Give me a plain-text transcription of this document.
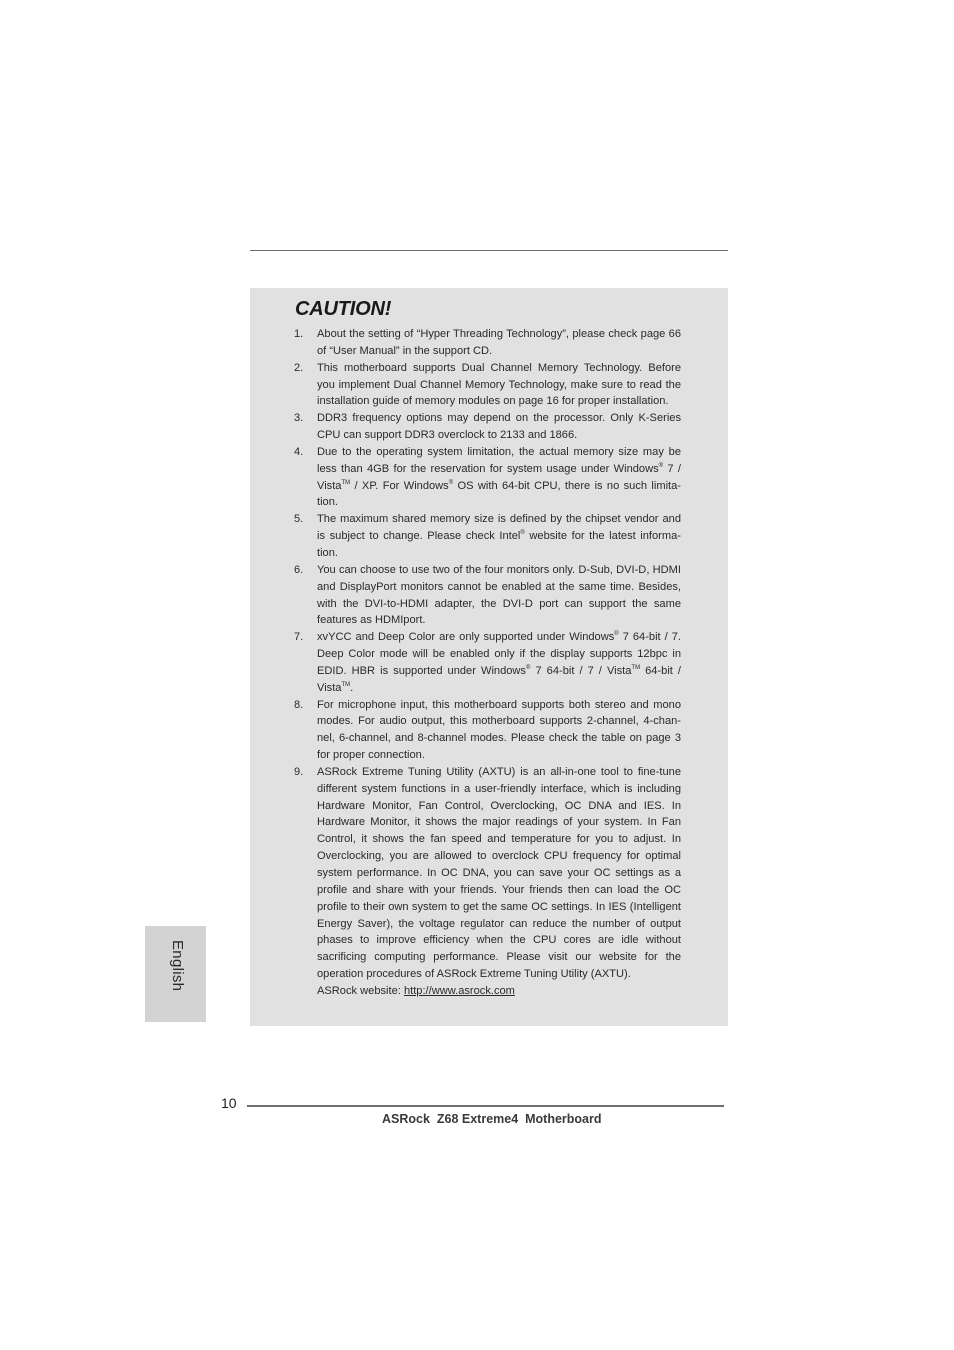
CAUTION!
1. About the setting of “Hyper Threading Technology”, please check page 66 of “User Manual” in the support CD.
2. This motherboard supports Dual Channel Memory Technology. Before you implement Dual Channel Memory Technology, make sure to read the installation guide of memory modules on page 16 for proper installation.
3. DDR3 frequency options may depend on the processor. Only K-Series CPU can support DDR3 overclock to 2133 and 1866.
4. Due to the operating system limitation, the actual memory size may be less than 4GB for the reservation for system usage under Windows® 7 / Vista™ / XP. For Windows® OS with 64-bit CPU, there is no such limita-tion.
5. The maximum shared memory size is defined by the chipset vendor and is subject to change. Please check Intel® website for the latest informa-tion.
6. You can choose to use two of the four monitors only. D-Sub, DVI-D, HDMI and DisplayPort monitors cannot be enabled at the same time. Besides, with the DVI-to-HDMI adapter, the DVI-D port can support the same features as HDMIport.
7. xvYCC and Deep Color are only supported under Windows® 7 64-bit / 7. Deep Color mode will be enabled only if the display supports 12bpc in EDID. HBR is supported under Windows® 7 64-bit / 7 / Vista™ 64-bit / Vista™.
8. For microphone input, this motherboard supports both stereo and mono modes. For audio output, this motherboard supports 2-channel, 4-chan-nel, 6-channel, and 8-channel modes. Please check the table on page 3 for proper connection.
9. ASRock Extreme Tuning Utility (AXTU) is an all-in-one tool to fine-tune different system functions in a user-friendly interface, which is including Hardware Monitor, Fan Control, Overclocking, OC DNA and IES. In Hardware Monitor, it shows the major readings of your system. In Fan Control, it shows the fan speed and temperature for you to adjust. In Overclocking, you are allowed to overclock CPU frequency for optimal system performance. In OC DNA, you can save your OC settings as a profile and share with your friends. Your friends then can load the OC profile to their own system to get the same OC settings. In IES (Intelligent Energy Saver), the voltage regulator can reduce the number of output phases to improve efficiency when the CPU cores are idle without sacrificing computing performance. Please visit our website for the operation procedures of ASRock Extreme Tuning Utility (AXTU).
ASRock website: http://www.asrock.com
English
10
ASRock  Z68 Extreme4  Motherboard
